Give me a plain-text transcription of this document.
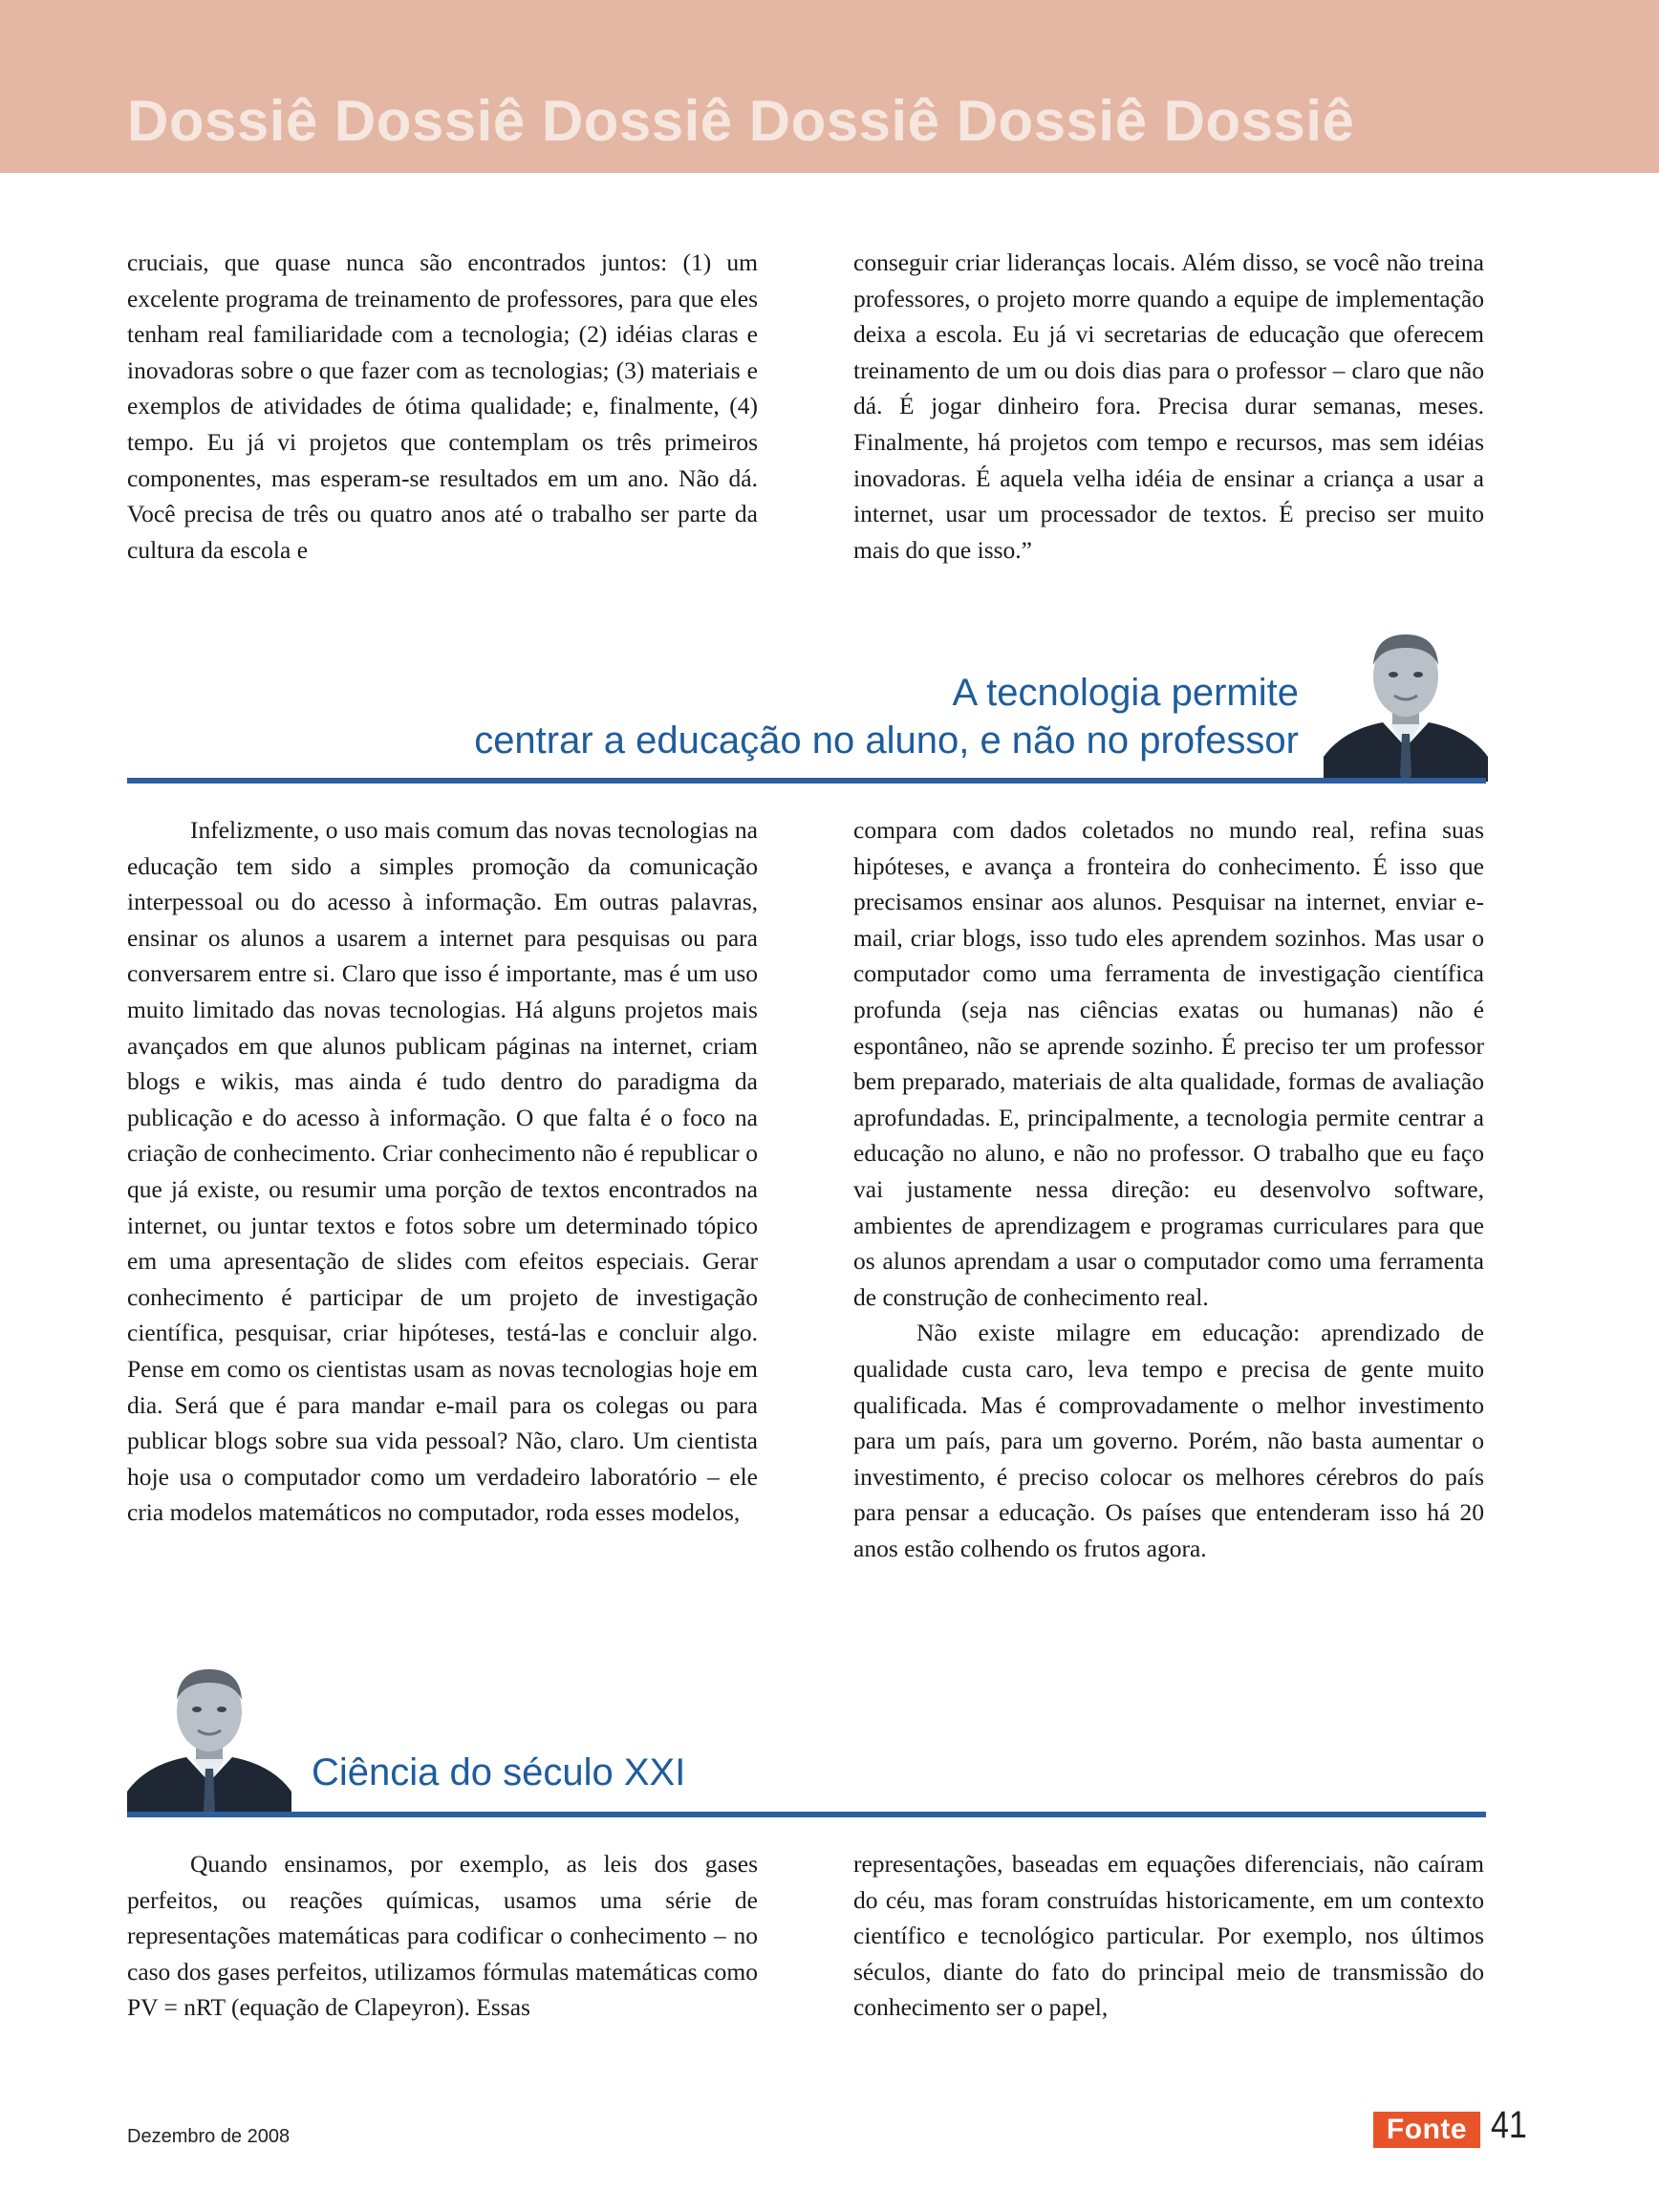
Dossiê Dossiê Dossiê Dossiê Dossiê Dossiê

cruciais, que quase nunca são encontrados juntos: (1) um excelente programa de treinamento de professores, para que eles tenham real familiaridade com a tecnologia; (2) idéias claras e inovadoras sobre o que fazer com as tecnologias; (3) materiais e exemplos de atividades de ótima qualidade; e, finalmente, (4) tempo. Eu já vi projetos que contemplam os três primeiros componentes, mas esperam-se resultados em um ano. Não dá. Você precisa de três ou quatro anos até o trabalho ser parte da cultura da escola e

conseguir criar lideranças locais. Além disso, se você não treina professores, o projeto morre quando a equipe de implementação deixa a escola. Eu já vi secretarias de educação que oferecem treinamento de um ou dois dias para o professor – claro que não dá. É jogar dinheiro fora. Precisa durar semanas, meses. Finalmente, há projetos com tempo e recursos, mas sem idéias inovadoras. É aquela velha idéia de ensinar a criança a usar a internet, usar um processador de textos. É preciso ser muito mais do que isso.”

A tecnologia permite
centrar a educação no aluno, e não no professor

Infelizmente, o uso mais comum das novas tecnologias na educação tem sido a simples promoção da comunicação interpessoal ou do acesso à informação. Em outras palavras, ensinar os alunos a usarem a internet para pesquisas ou para conversarem entre si. Claro que isso é importante, mas é um uso muito limitado das novas tecnologias. Há alguns projetos mais avançados em que alunos publicam páginas na internet, criam blogs e wikis, mas ainda é tudo dentro do paradigma da publicação e do acesso à informação. O que falta é o foco na criação de conhecimento. Criar conhecimento não é republicar o que já existe, ou resumir uma porção de textos encontrados na internet, ou juntar textos e fotos sobre um determinado tópico em uma apresentação de slides com efeitos especiais. Gerar conhecimento é participar de um projeto de investigação científica, pesquisar, criar hipóteses, testá-las e concluir algo. Pense em como os cientistas usam as novas tecnologias hoje em dia. Será que é para mandar e-mail para os colegas ou para publicar blogs sobre sua vida pessoal? Não, claro. Um cientista hoje usa o computador como um verdadeiro laboratório – ele cria modelos matemáticos no computador, roda esses modelos,

compara com dados coletados no mundo real, refina suas hipóteses, e avança a fronteira do conhecimento. É isso que precisamos ensinar aos alunos. Pesquisar na internet, enviar e-mail, criar blogs, isso tudo eles aprendem sozinhos. Mas usar o computador como uma ferramenta de investigação científica profunda (seja nas ciências exatas ou humanas) não é espontâneo, não se aprende sozinho. É preciso ter um professor bem preparado, materiais de alta qualidade, formas de avaliação aprofundadas. E, principalmente, a tecnologia permite centrar a educação no aluno, e não no professor. O trabalho que eu faço vai justamente nessa direção: eu desenvolvo software, ambientes de aprendizagem e programas curriculares para que os alunos aprendam a usar o computador como uma ferramenta de construção de conhecimento real.

Não existe milagre em educação: aprendizado de qualidade custa caro, leva tempo e precisa de gente muito qualificada. Mas é comprovadamente o melhor investimento para um país, para um governo. Porém, não basta aumentar o investimento, é preciso colocar os melhores cérebros do país para pensar a educação. Os países que entenderam isso há 20 anos estão colhendo os frutos agora.

Ciência do século XXI

Quando ensinamos, por exemplo, as leis dos gases perfeitos, ou reações químicas, usamos uma série de representações matemáticas para codificar o conhecimento – no caso dos gases perfeitos, utilizamos fórmulas matemáticas como PV = nRT (equação de Clapeyron). Essas

representações, baseadas em equações diferenciais, não caíram do céu, mas foram construídas historicamente, em um contexto científico e tecnológico particular. Por exemplo, nos últimos séculos, diante do fato do principal meio de transmissão do conhecimento ser o papel,

Dezembro de 2008	Fonte 41
